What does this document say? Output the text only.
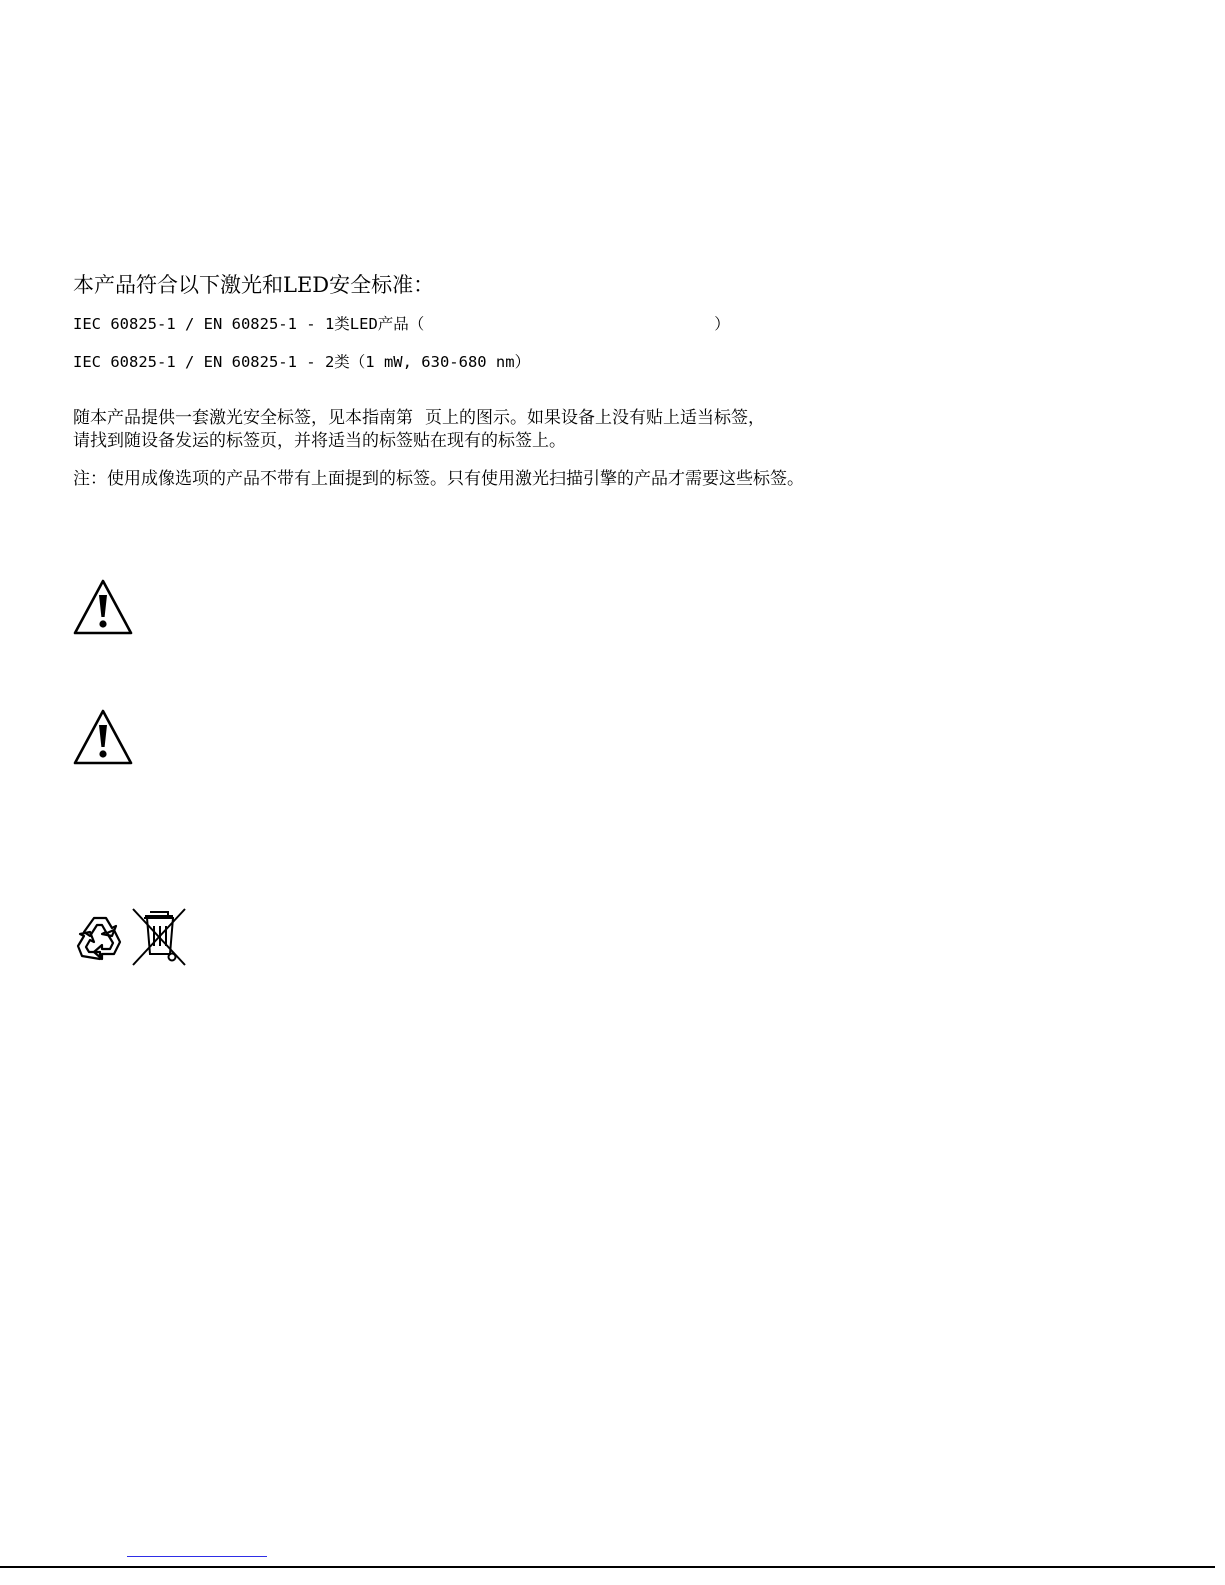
本产品符合以下激光和LED安全标准：
IEC 60825-1 / EN 60825-1 - 1类LED产品（	）
IEC 60825-1 / EN 60825-1 - 2类（1 mW, 630-680 nm）
随本产品提供一套激光安全标签，见本指南第 页上的图示。如果设备上没有贴上适当标签，
请找到随设备发运的标签页，并将适当的标签贴在现有的标签上。
注：使用成像选项的产品不带有上面提到的标签。只有使用激光扫描引擎的产品才需要这些标签。
